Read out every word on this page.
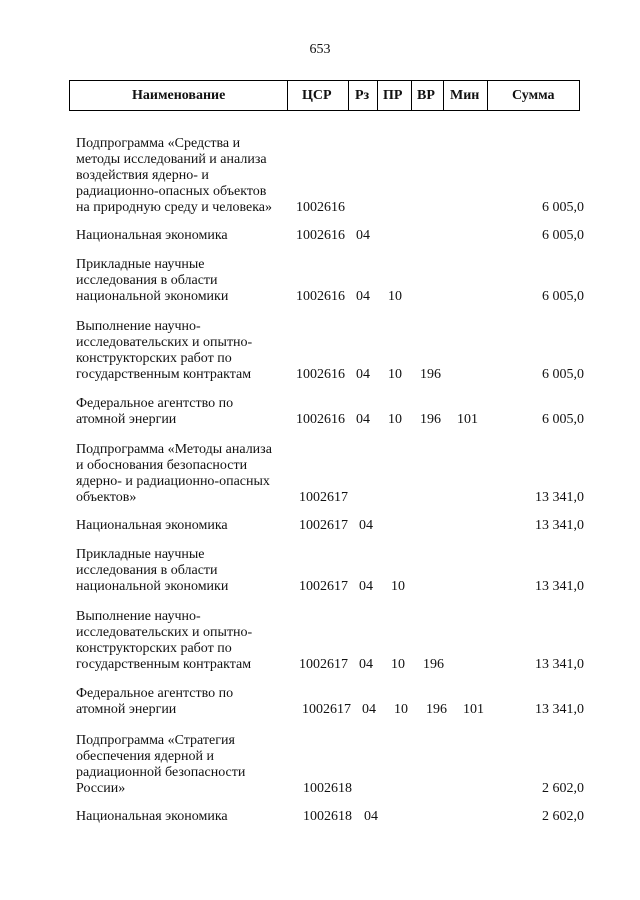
653
Наименование	ЦСР Рз ПР ВР Мин Сумма
Подпрограмма «Средства и
методы исследований и анализа
воздействия ядерно- и
радиационно-опасных объектов
на природную среду и человека»	1002616	6 005,0
Национальная экономика	1002616 04	6 005,0
Прикладные научные
исследования в области
национальной экономики	1002616 04 10	6 005,0
Выполнение научно-
исследовательских и опытно-
конструкторских работ по
государственным контрактам	1002616 04 10 196	6 005,0
Федеральное агентство по
атомной энергии	1002616 04 10 196 101	6 005,0
Подпрограмма «Методы анализа
и обоснования безопасности
ядерно- и радиационно-опасных
объектов»	1002617	13 341,0
Национальная экономика	1002617 04	13 341,0
Прикладные научные
исследования в области
национальной экономики	1002617 04 10	13 341,0
Выполнение научно-
исследовательских и опытно-
конструкторских работ по
государственным контрактам	1002617 04 10 196	13 341,0
Федеральное агентство по
атомной энергии	1002617 04 10 196 101	13 341,0
Подпрограмма «Стратегия
обеспечения ядерной и
радиационной безопасности
России»	1002618	2 602,0
Национальная экономика	1002618 04	2 602,0
